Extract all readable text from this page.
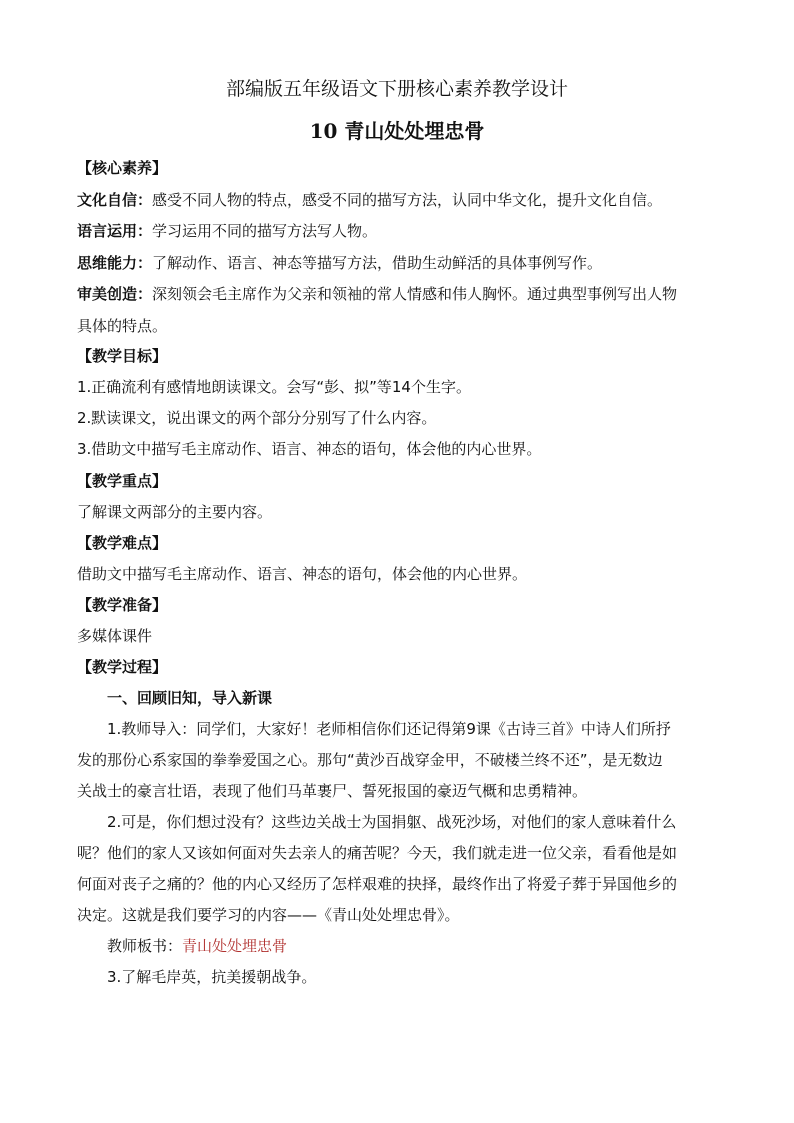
部编版五年级语文下册核心素养教学设计
10 青山处处埋忠骨
【核心素养】
文化自信：感受不同人物的特点，感受不同的描写方法，认同中华文化，提升文化自信。
语言运用：学习运用不同的描写方法写人物。
思维能力：了解动作、语言、神态等描写方法，借助生动鲜活的具体事例写作。
审美创造：深刻领会毛主席作为父亲和领袖的常人情感和伟人胸怀。通过典型事例写出人物
具体的特点。
【教学目标】
1.正确流利有感情地朗读课文。会写“彭、拟”等14个生字。
2.默读课文，说出课文的两个部分分别写了什么内容。
3.借助文中描写毛主席动作、语言、神态的语句，体会他的内心世界。
【教学重点】
了解课文两部分的主要内容。
【教学难点】
借助文中描写毛主席动作、语言、神态的语句，体会他的内心世界。
【教学准备】
多媒体课件
【教学过程】
一、回顾旧知，导入新课
1.教师导入：同学们，大家好！老师相信你们还记得第9课《古诗三首》中诗人们所抒
发的那份心系家国的拳拳爱国之心。那句“黄沙百战穿金甲，不破楼兰终不还”，是无数边
关战士的豪言壮语，表现了他们马革裹尸、誓死报国的豪迈气概和忠勇精神。
2.可是，你们想过没有？这些边关战士为国捐躯、战死沙场，对他们的家人意味着什么
呢？他们的家人又该如何面对失去亲人的痛苦呢？今天，我们就走进一位父亲，看看他是如
何面对丧子之痛的？他的内心又经历了怎样艰难的抉择，最终作出了将爱子葬于异国他乡的
决定。这就是我们要学习的内容——《青山处处埋忠骨》。
教师板书：青山处处埋忠骨
3.了解毛岸英，抗美援朝战争。
